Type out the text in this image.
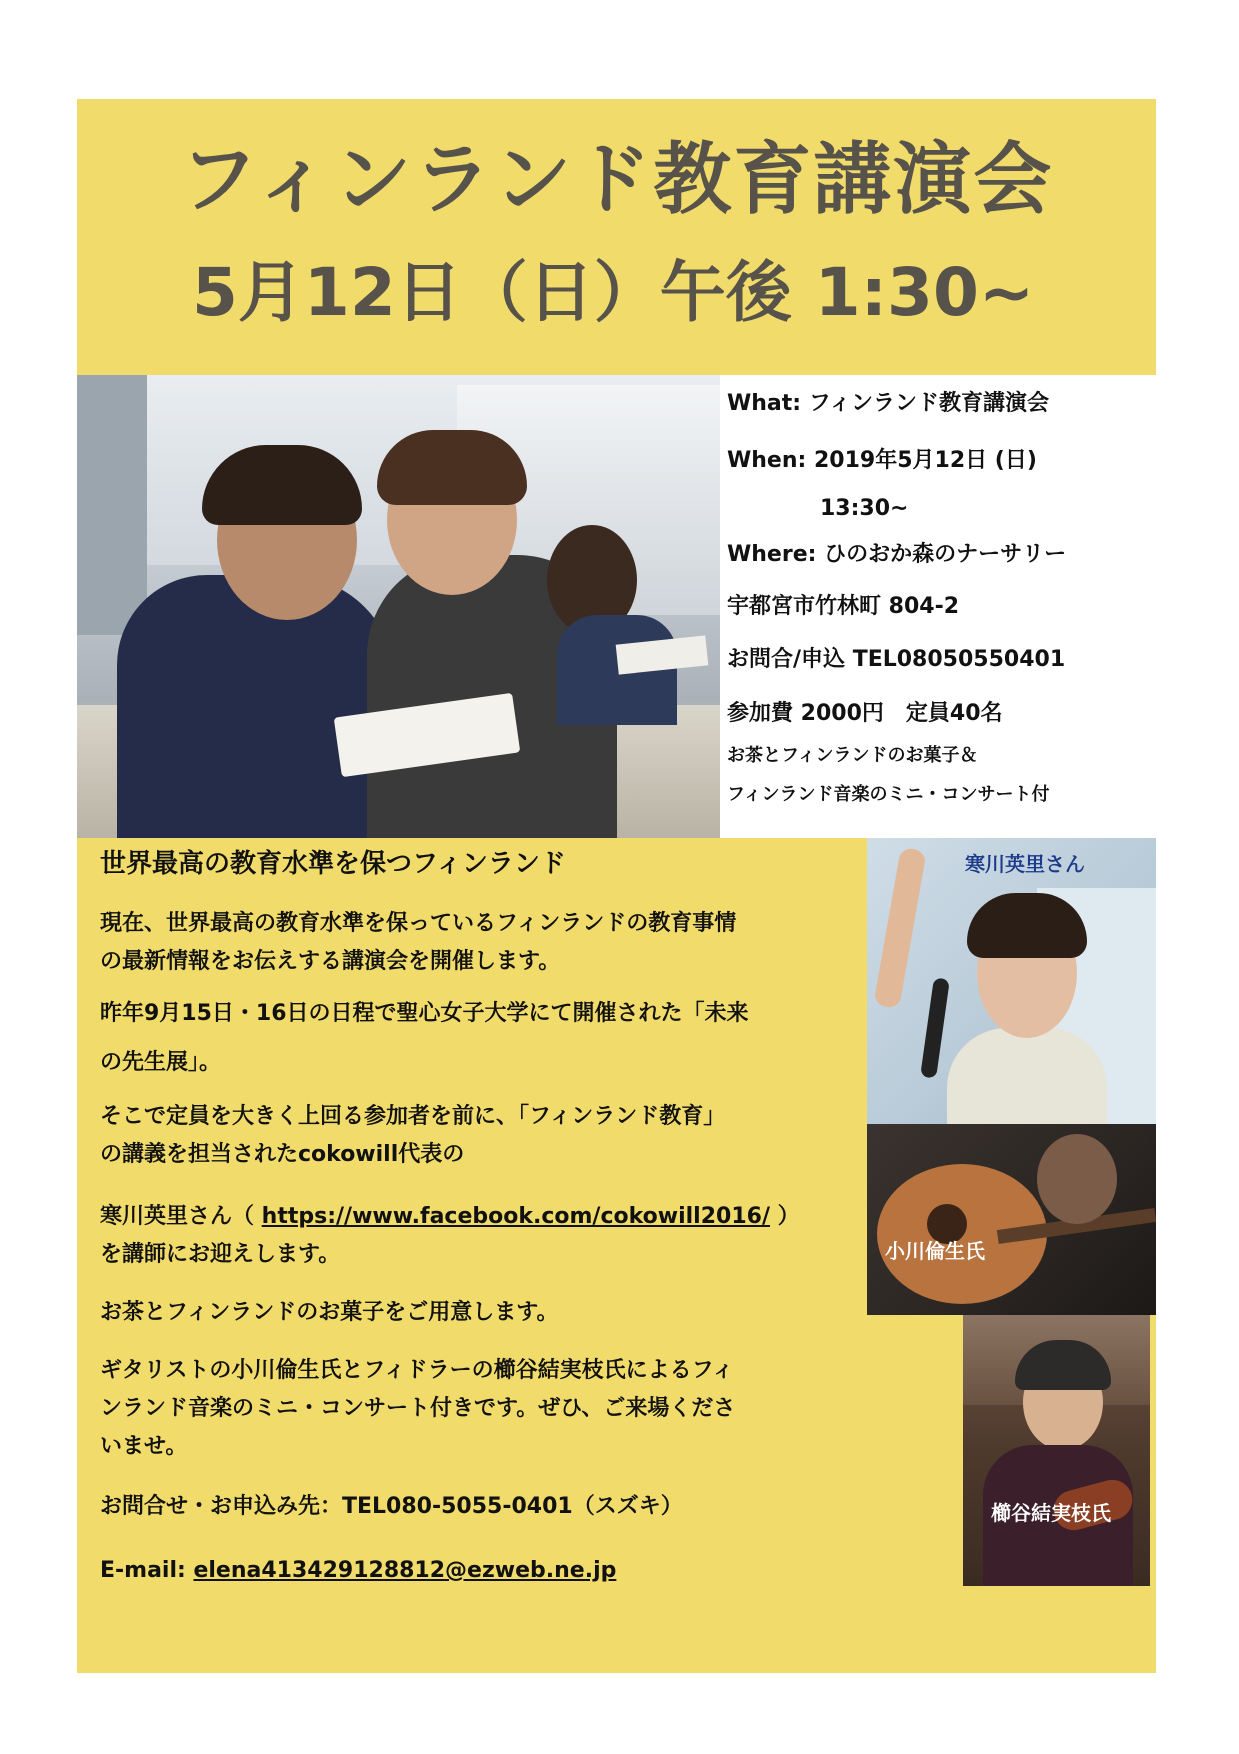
フィンランド教育講演会
5月12日（日）午後 1:30~
What: フィンランド教育講演会
When: 2019年5月12日 (日)
13:30~
Where: ひのおか森のナーサリー
宇都宮市竹林町 804-2
お問合/申込 TEL08050550401
参加費 2000円　定員40名
お茶とフィンランドのお菓子＆
フィンランド音楽のミニ・コンサート付
世界最高の教育水準を保つフィンランド
現在、世界最高の教育水準を保っているフィンランドの教育事情
の最新情報をお伝えする講演会を開催します。
昨年9月15日・16日の日程で聖心女子大学にて開催された「未来
の先生展」。
そこで定員を大きく上回る参加者を前に、「フィンランド教育」
の講義を担当されたcokowill代表の
寒川英里さん（ https://www.facebook.com/cokowill2016/ ）
を講師にお迎えします。
お茶とフィンランドのお菓子をご用意します。
ギタリストの小川倫生氏とフィドラーの櫛谷結実枝氏によるフィ
ンランド音楽のミニ・コンサート付きです。ぜひ、ご来場くださ
いませ。
お問合せ・お申込み先：TEL080-5055-0401（スズキ）
E-mail: elena413429128812@ezweb.ne.jp
寒川英里さん
小川倫生氏
櫛谷結実枝氏
